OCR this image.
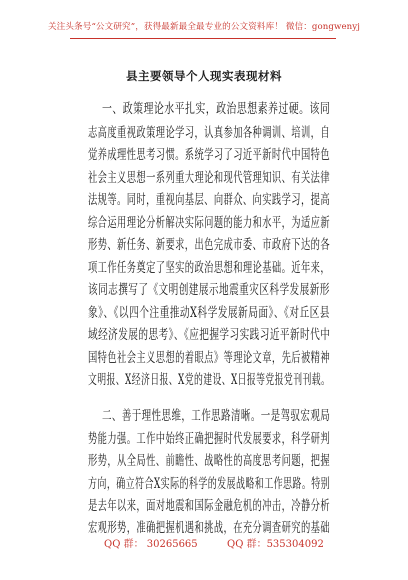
关注头条号“公文研究”，获得最新最全最专业的公文资料库！ 微信：gongwenyj
县主要领导个人现实表现材料
一、政策理论水平扎实，政治思想素养过硬。该同
志高度重视政策理论学习，认真参加各种调训、培训，自
觉养成理性思考习惯。系统学习了习近平新时代中国特色
社会主义思想一系列重大理论和现代管理知识、有关法律
法规等。同时，重视向基层、向群众、向实践学习，提高
综合运用理论分析解决实际问题的能力和水平，为适应新
形势、新任务、新要求，出色完成市委、市政府下达的各
项工作任务奠定了坚实的政治思想和理论基础。近年来，
该同志撰写了《文明创建展示地震重灾区科学发展新形
象》、《以四个注重推动X科学发展新局面》、《对丘区县
域经济发展的思考》、《应把握学习实践习近平新时代中
国特色社会主义思想的着眼点》等理论文章，先后被精神
文明报、X经济日报、X党的建设、X日报等党报党刊刊载。
二、善于理性思维，工作思路清晰。一是驾驭宏观局
势能力强。工作中始终正确把握时代发展要求，科学研判
形势，从全局性、前瞻性、战略性的高度思考问题，把握
方向，确立符合X实际的科学的发展战略和工作思路。特别
是去年以来，面对地震和国际金融危机的冲击，冷静分析
宏观形势，准确把握机遇和挑战，在充分调查研究的基础
QQ 群： 30265665	QQ 群：535304092
